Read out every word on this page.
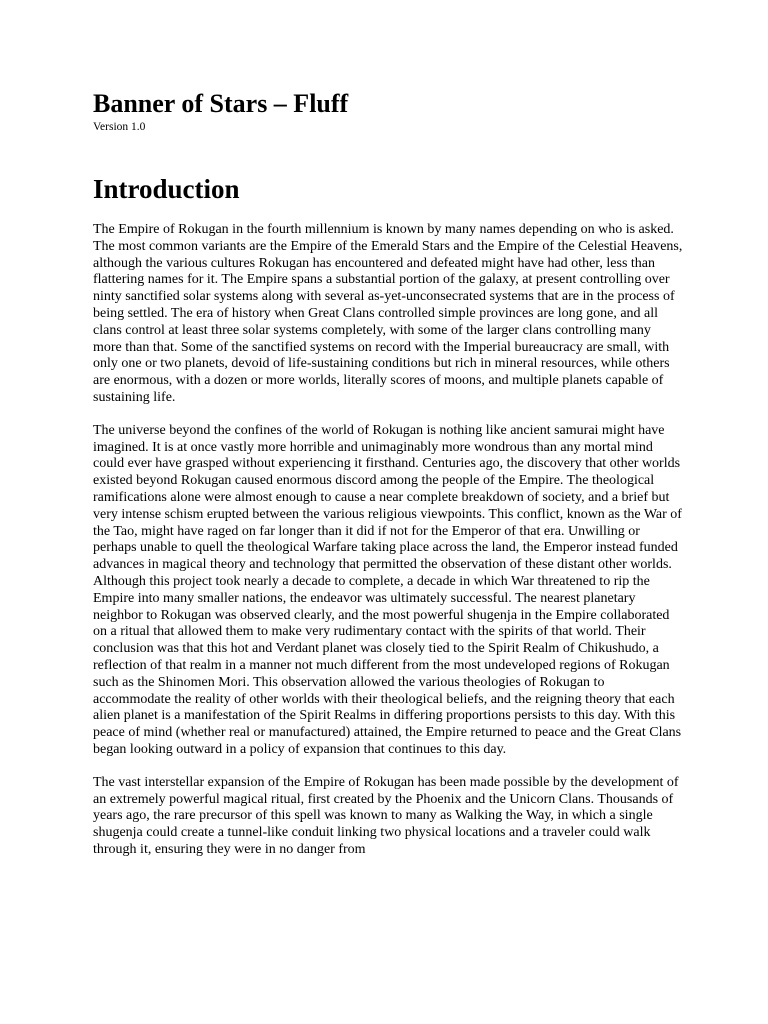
Banner of Stars – Fluff

Version 1.0

Introduction

The Empire of Rokugan in the fourth millennium is known by many names depending on who is asked. The most common variants are the Empire of the Emerald Stars and the Empire of the Celestial Heavens, although the various cultures Rokugan has encountered and defeated might have had other, less than flattering names for it. The Empire spans a substantial portion of the galaxy, at present controlling over ninty sanctified solar systems along with several as-yet-unconsecrated systems that are in the process of being settled. The era of history when Great Clans controlled simple provinces are long gone, and all clans control at least three solar systems completely, with some of the larger clans controlling many more than that. Some of the sanctified systems on record with the Imperial bureaucracy are small, with only one or two planets, devoid of life-sustaining conditions but rich in mineral resources, while others are enormous, with a dozen or more worlds, literally scores of moons, and multiple planets capable of sustaining life.

The universe beyond the confines of the world of Rokugan is nothing like ancient samurai might have imagined. It is at once vastly more horrible and unimaginably more wondrous than any mortal mind could ever have grasped without experiencing it firsthand. Centuries ago, the discovery that other worlds existed beyond Rokugan caused enormous discord among the people of the Empire. The theological ramifications alone were almost enough to cause a near complete breakdown of society, and a brief but very intense schism erupted between the various religious viewpoints. This conflict, known as the War of the Tao, might have raged on far longer than it did if not for the Emperor of that era. Unwilling or perhaps unable to quell the theological Warfare taking place across the land, the Emperor instead funded advances in magical theory and technology that permitted the observation of these distant other worlds. Although this project took nearly a decade to complete, a decade in which War threatened to rip the Empire into many smaller nations, the endeavor was ultimately successful. The nearest planetary neighbor to Rokugan was observed clearly, and the most powerful shugenja in the Empire collaborated on a ritual that allowed them to make very rudimentary contact with the spirits of that world. Their conclusion was that this hot and Verdant planet was closely tied to the Spirit Realm of Chikushudo, a reflection of that realm in a manner not much different from the most undeveloped regions of Rokugan such as the Shinomen Mori. This observation allowed the various theologies of Rokugan to accommodate the reality of other worlds with their theological beliefs, and the reigning theory that each alien planet is a manifestation of the Spirit Realms in differing proportions persists to this day. With this peace of mind (whether real or manufactured) attained, the Empire returned to peace and the Great Clans began looking outward in a policy of expansion that continues to this day.

The vast interstellar expansion of the Empire of Rokugan has been made possible by the development of an extremely powerful magical ritual, first created by the Phoenix and the Unicorn Clans. Thousands of years ago, the rare precursor of this spell was known to many as Walking the Way, in which a single shugenja could create a tunnel-like conduit linking two physical locations and a traveler could walk through it, ensuring they were in no danger from
